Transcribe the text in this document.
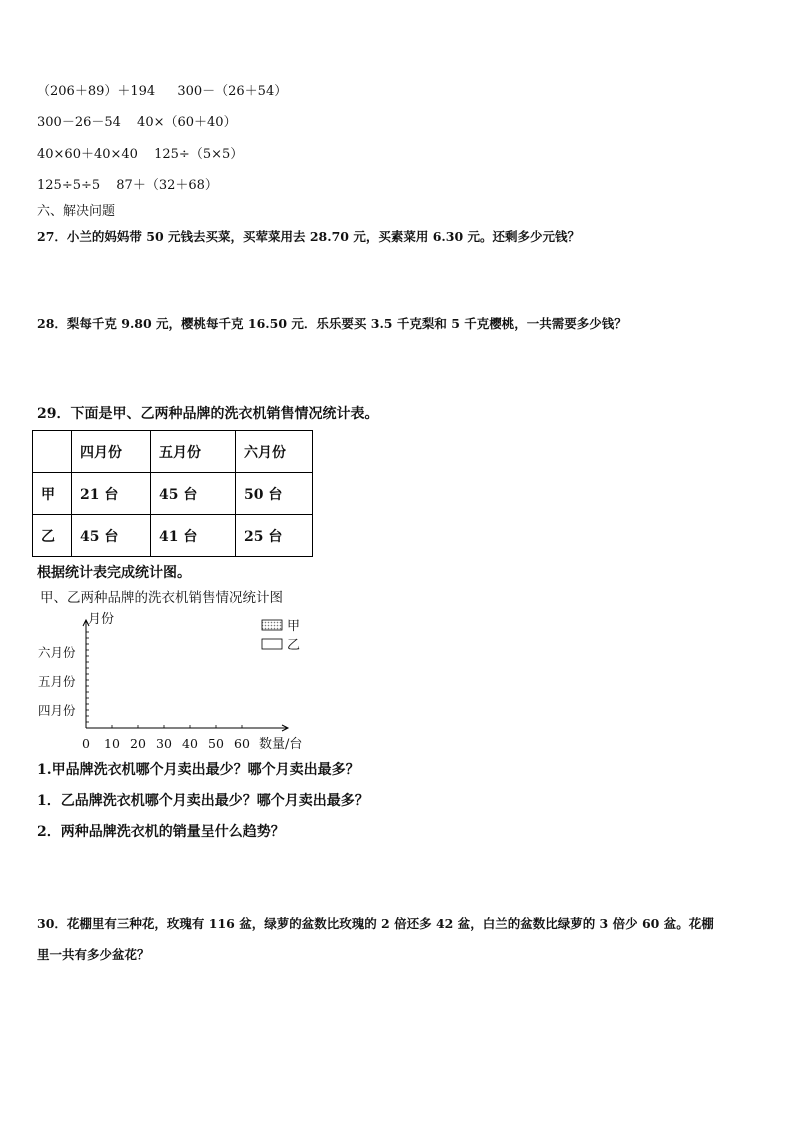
（206＋89）＋194 300－（26＋54）
300－26－54 40×（60＋40）
40×60＋40×40 125÷（5×5）
125÷5÷5 87＋（32＋68）
六、解决问题
27．小兰的妈妈带 50 元钱去买菜，买荤菜用去 28.70 元，买素菜用 6.30 元。还剩多少元钱？
28．梨每千克 9.80 元，樱桃每千克 16.50 元．乐乐要买 3.5 千克梨和 5 千克樱桃，一共需要多少钱？
29．下面是甲、乙两种品牌的洗衣机销售情况统计表。
	四月份	五月份	六月份
甲	21 台	45 台	50 台
乙	45 台	41 台	25 台
根据统计表完成统计图。
甲、乙两种品牌的洗衣机销售情况统计图
四月份
五月份
六月份
0 10 20 30 40 50 60
月份
数量/台
甲
乙
1.甲品牌洗衣机哪个月卖出最少？哪个月卖出最多？
1．乙品牌洗衣机哪个月卖出最少？哪个月卖出最多？
2．两种品牌洗衣机的销量呈什么趋势？
30．花棚里有三种花，玫瑰有 116 盆，绿萝的盆数比玫瑰的 2 倍还多 42 盆，白兰的盆数比绿萝的 3 倍少 60 盆。花棚
里一共有多少盆花？
